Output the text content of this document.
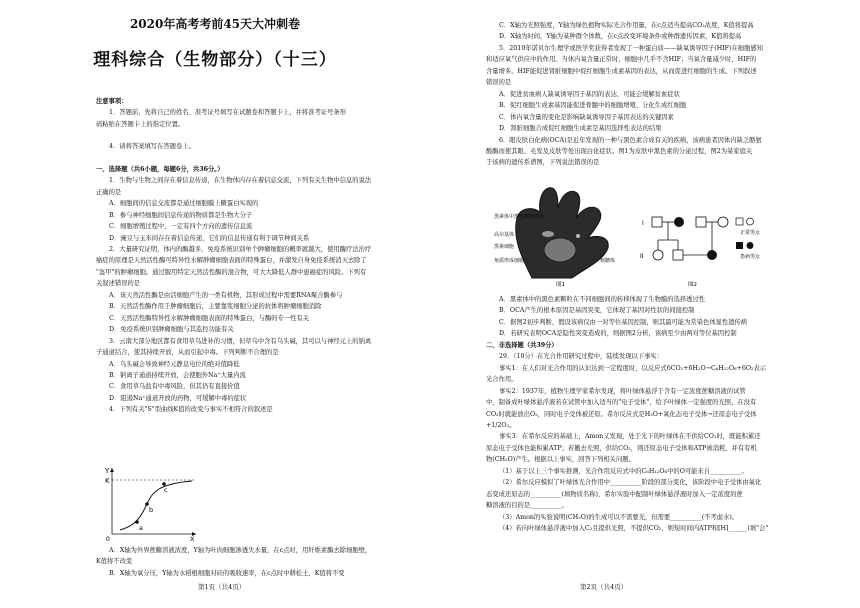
2020年高考考前45天大冲刺卷
理科综合（生物部分）（十三）
注意事项：
1．答题前，先将自己的姓名、准考证号填写在试题卷和答题卡上，并将准考证号条形
码粘贴在答题卡上的指定位置。
4．请将答案填写在答题卷上。
一、选择题（共6小题，每题6分，共36分。）
1．生物与生物之间存在着信息传递，在生物体内存在着信息交流，下列有关生物中信息的说法
正确的是
A．细胞间的信息交流都是通过细胞膜上糖蛋白实现的
B．参与神经细胞间信息传递的物质都是生物大分子
C．细胞增殖过程中，一定有四个方向的遗传信息流
D．豌豆与玉米间存在着信息传递，它们的信息传递有利于调节种间关系
2．大量研究证明，体内的酶越多，免疫系统识别单个肿瘤细胞的概率就越大，使用酶疗法治疗
癌症的原理是天然活性酶可特异性水解肿瘤细胞表面的特殊蛋白，并激发自身免疫系统消灭去除了
"盔甲"的肿瘤细胞。通过服用特定天然活性酶的混合物，可大大降低人群中患癌症的风险。下列有
关叙述错误的是
A．该天然活性酶是由活细胞产生的一类有机物，其形成过程中需要RNA聚合酶参与
B．天然活性酶作用于肿瘤细胞后，主要靠浆细胞分泌的抗体将肿瘤细胞消除
C．天然活性酶特异性水解肿瘤细胞表面的特殊蛋白，与酶的专一性有关
D．免疫系统识别肿瘤细胞与其监控功能有关
3．云南大部分地区都有食用草乌进补的习惯，但草乌中含有乌头碱，其可以与神经元上的钠离
子通道结合，使其持续开放，从而引起中毒。下列判断不合理的是
A．乌头碱会导致神经元静息电位的绝对值降低
B．钠离子通道持续开放，会使胞外Na⁺大量内流
C．食用草乌盐有中毒风险，但其仍有直接价值
D．阻遏Na⁺通道开放的药物，可缓解中毒的症状
4．下列有关"S"型曲线K值的改变与事实不相符合的叙述是
Y
K
a
b
c
0	X
A．X轴为外界蔗糖溶液浓度，Y轴为叶肉细胞渗透失水量，在c点时，用纤维素酶去除细胞壁，
K值将不改变
B．X轴为氧分压，Y轴为水稻根细胞对硅的吸收速率，在c点时中耕松土，K值将不变
第1页（共4页）	第2页（共4页）
C．X轴为光照强度，Y轴为绿色植物实际光合作用量，在c点适当提高CO₂浓度，K值将提高
D．X轴为时间，Y轴为某种群个体数，在c点改变环境条件或种群遗传因素，K值将提高
5．2019年诺贝尔生理学或医学奖获得者发现了一种蛋白质——缺氧诱导因子(HIF)在细胞感知
和适应氧气供应中的作用。当体内氧含量正常时，细胞中几乎不含HIF；当氧含量减少时，HIF的
含量增多。HIF能促进肾脏细胞中促红细胞生成素基因的表达，从而促进红细胞的生成。下列叙述
错误的是
A．促进贫血病人缺氧诱导因子基因的表达，可能会缓解贫血症状
B．促红细胞生成素基因能促进骨髓中的细胞增殖、分化生成红细胞
C．体内氧含量的变化是影响缺氧诱导因子基因表达的关键因素
D．肾脏细胞合成促红细胞生成素是基因选择性表达的结果
6．眼皮肤白化病(OCA)是近年发现的一种与黑色素合成有关的疾病，该病患者因体内缺乏酪氨
酸酶而使其眼、毛发及皮肤等处出现白化症状。图1为皮肤中黑色素的分泌过程，图2为某家庭关
于该病的遗传系谱图，下列说法错误的是
黑素体中黑色素分泌出
高尔基体
黑素细胞
角质形成细胞	核糖体
图1
I
II
正常男女
患病男女
图2
A．黑素体中的黑色素颗粒在不同细胞间的转移体现了生物膜的选择透过性
B．OCA产生的根本原因是基因突变，它体现了基因对性状的间接控制
C．据图2初步判断，假设该病仅由一对等位基因控制，则其最可能为常染色体显性遗传病
D．若研究表明OCA是隐性突变造成的，则据图2分析，该病至少由两对等位基因控制
二、非选择题（共39分）
29．（10分）在光合作用研究过程中，陆续发现以下事实：
事实1：在人们对光合作用的认识达到一定程度时，以反应式6CO₂+6H₂O→C₆H₁₂O₆+6O₂表示
光合作用。
事实2：1937年，植物生理学家希尔发现，将叶绿体悬浮于含有一定浓度蔗糖溶液的试管
中，制备成叶绿体悬浮液若在试管中加入适当的"电子受体"，给予叶绿体一定强度的光照，在没有
CO₂时就能放出O₂，同时电子受体被还原。希尔反应式是H₂O+氧化态电子受体→还原态电子受体
+1/2O₂。
事实3：在希尔反应的基础上，Amon又发现，处于光下的叶绿体在不供给CO₂时，既能积累还
原态电子受体也能积累ATP；若撤去光照，供给CO₂，则还原态电子受体和ATP被消耗，并有有机
物(CH₂O)产生。根据以上事实，回答下列相关问题。
（1）基于以上三个事实推测，光合作用反应式中的C₆H₁₂O₆中的O可能来自__________。
（2）希尔反应模拟了叶绿体光合作用中__________阶段的部分变化，该阶段中电子受体由氧化
态变成还原态的__________(填物质名称)，希尔实验中配制叶绿体悬浮液时加入一定浓度的蔗
糖溶液的目的是__________。
（3）Amon的实验说明(CH₂O)的生成可以不需要光，但需要__________(不考虑水)。
（4）若向叶绿体悬浮液中加入C₃且提供光照，不提供CO₂，则短时间内ATP和[H]______(填"会"
